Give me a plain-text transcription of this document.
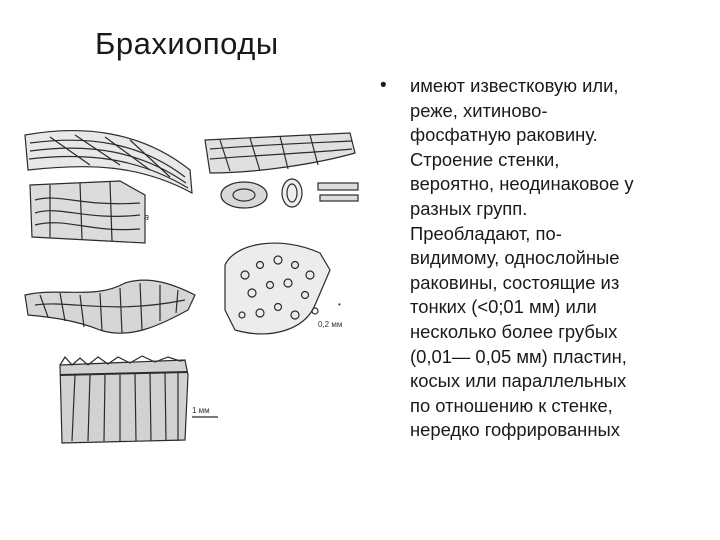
Брахиоподы
a
•
0,2 мм
1 мм
• имеют известковую или,
реже, хитиново-
фосфатную раковину.
Строение стенки,
вероятно, неодинаковое у
разных групп.
Преобладают, по-
видимому, однослойные
раковины, состоящие из
тонких (<0;01 мм) или
несколько более грубых
(0,01— 0,05 мм) пластин,
косых или параллельных
по отношению к стенке,
нередко гофрированных
